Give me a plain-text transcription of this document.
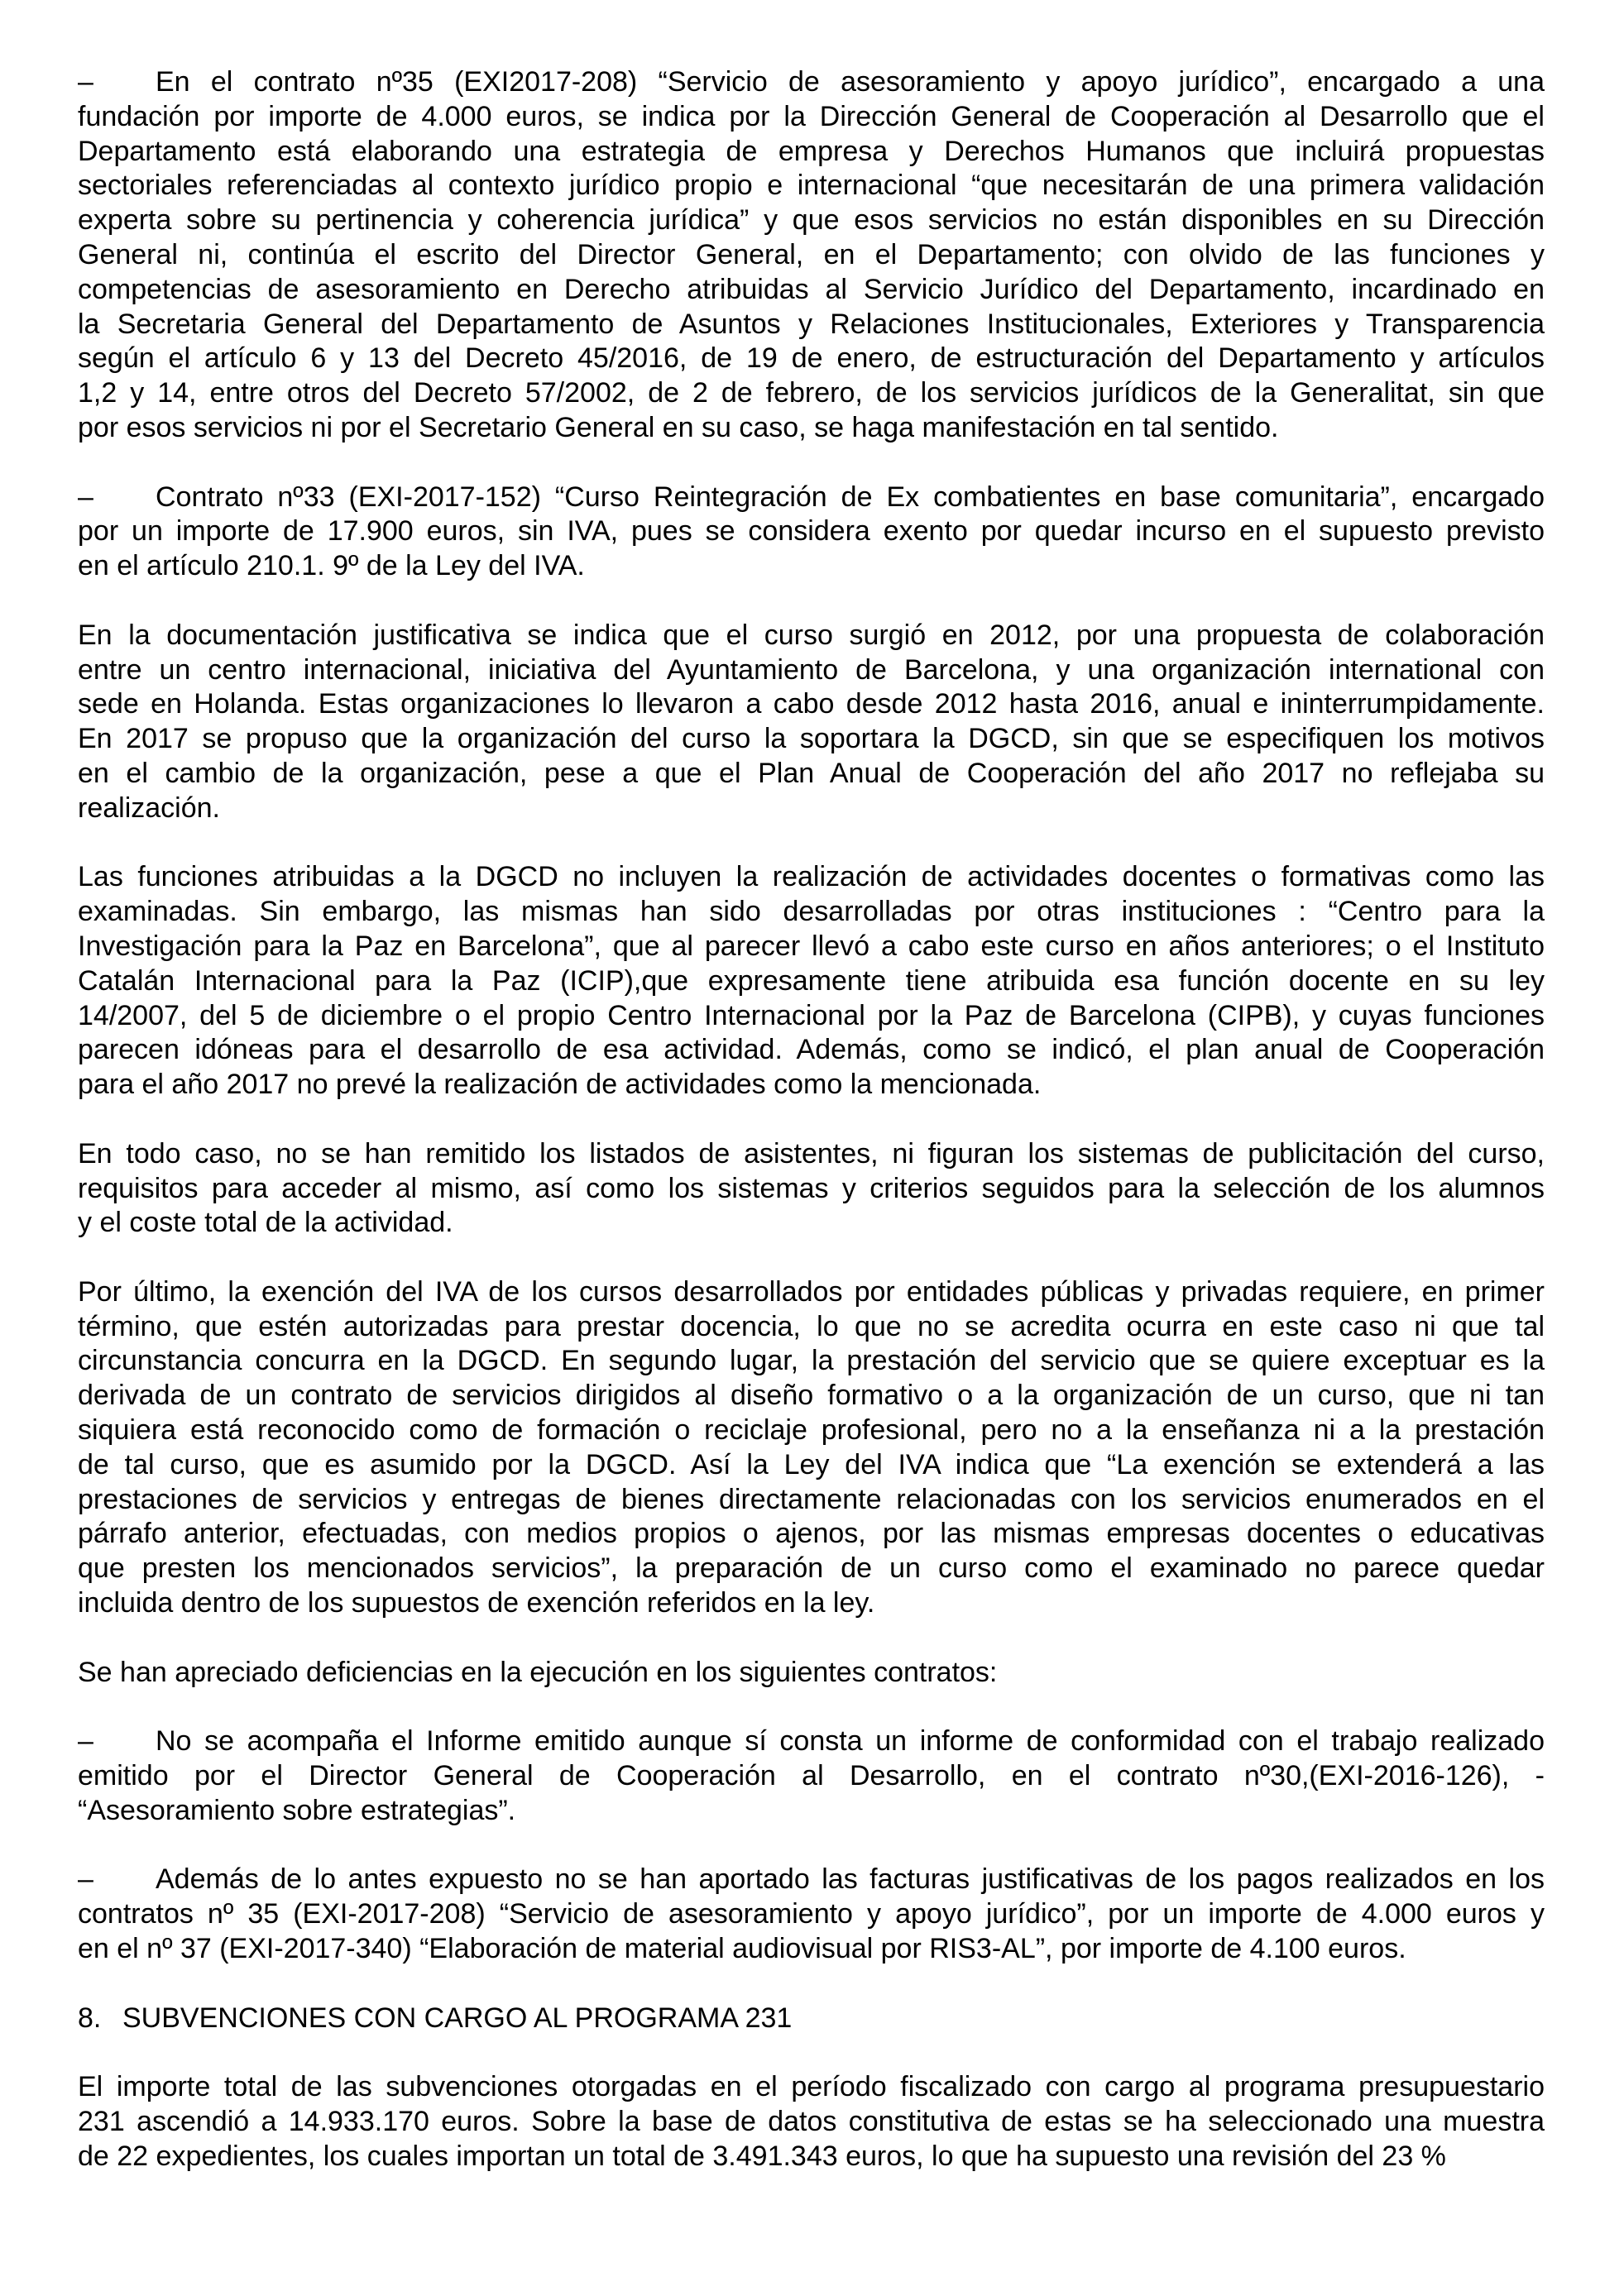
–	En el contrato nº35 (EXI2017-208) “Servicio de asesoramiento y apoyo jurídico”, encargado a una
fundación por importe de 4.000 euros, se indica por la Dirección General de Cooperación al Desarrollo que el
Departamento está elaborando una estrategia de empresa y Derechos Humanos que incluirá propuestas
sectoriales referenciadas al contexto jurídico propio e internacional “que necesitarán de una primera validación
experta sobre su pertinencia y coherencia jurídica” y que esos servicios no están disponibles en su Dirección
General ni, continúa el escrito del Director General, en el Departamento; con olvido de las funciones y
competencias de asesoramiento en Derecho atribuidas al Servicio Jurídico del Departamento, incardinado en
la Secretaria General del Departamento de Asuntos y Relaciones Institucionales, Exteriores y Transparencia
según el artículo 6 y 13 del Decreto 45/2016, de 19 de enero, de estructuración del Departamento y artículos
1,2 y 14, entre otros del Decreto 57/2002, de 2 de febrero, de los servicios jurídicos de la Generalitat, sin que
por esos servicios ni por el Secretario General en su caso, se haga manifestación en tal sentido.
–	Contrato nº33 (EXI-2017-152) “Curso Reintegración de Ex combatientes en base comunitaria”, encargado
por un importe de 17.900 euros, sin IVA, pues se considera exento por quedar incurso en el supuesto previsto
en el artículo 210.1. 9º de la Ley del IVA.
En la documentación justificativa se indica que el curso surgió en 2012, por una propuesta de colaboración
entre un centro internacional, iniciativa del Ayuntamiento de Barcelona, y una organización international con
sede en Holanda. Estas organizaciones lo llevaron a cabo desde 2012 hasta 2016, anual e ininterrumpidamente.
En 2017 se propuso que la organización del curso la soportara la DGCD, sin que se especifiquen los motivos
en el cambio de la organización, pese a que el Plan Anual de Cooperación del año 2017 no reflejaba su
realización.
Las funciones atribuidas a la DGCD no incluyen la realización de actividades docentes o formativas como las
examinadas. Sin embargo, las mismas han sido desarrolladas por otras instituciones : “Centro para la
Investigación para la Paz en Barcelona”, que al parecer llevó a cabo este curso en años anteriores; o el Instituto
Catalán Internacional para la Paz (ICIP),que expresamente tiene atribuida esa función docente en su ley
14/2007, del 5 de diciembre o el propio Centro Internacional por la Paz de Barcelona (CIPB), y cuyas funciones
parecen idóneas para el desarrollo de esa actividad. Además, como se indicó, el plan anual de Cooperación
para el año 2017 no prevé la realización de actividades como la mencionada.
En todo caso, no se han remitido los listados de asistentes, ni figuran los sistemas de publicitación del curso,
requisitos para acceder al mismo, así como los sistemas y criterios seguidos para la selección de los alumnos
y el coste total de la actividad.
Por último, la exención del IVA de los cursos desarrollados por entidades públicas y privadas requiere, en primer
término, que estén autorizadas para prestar docencia, lo que no se acredita ocurra en este caso ni que tal
circunstancia concurra en la DGCD. En segundo lugar, la prestación del servicio que se quiere exceptuar es la
derivada de un contrato de servicios dirigidos al diseño formativo o a la organización de un curso, que ni tan
siquiera está reconocido como de formación o reciclaje profesional, pero no a la enseñanza ni a la prestación
de tal curso, que es asumido por la DGCD. Así la Ley del IVA indica que “La exención se extenderá a las
prestaciones de servicios y entregas de bienes directamente relacionadas con los servicios enumerados en el
párrafo anterior, efectuadas, con medios propios o ajenos, por las mismas empresas docentes o educativas
que presten los mencionados servicios”, la preparación de un curso como el examinado no parece quedar
incluida dentro de los supuestos de exención referidos en la ley.
Se han apreciado deficiencias en la ejecución en los siguientes contratos:
–	No se acompaña el Informe emitido aunque sí consta un informe de conformidad con el trabajo realizado
emitido por el Director General de Cooperación al Desarrollo, en el contrato nº30,(EXI-2016-126), -
“Asesoramiento sobre estrategias”.
–	Además de lo antes expuesto no se han aportado las facturas justificativas de los pagos realizados en los
contratos nº 35 (EXI-2017-208) “Servicio de asesoramiento y apoyo jurídico”, por un importe de 4.000 euros y
en el nº 37 (EXI-2017-340) “Elaboración de material audiovisual por RIS3-AL”, por importe de 4.100 euros.
8. SUBVENCIONES CON CARGO AL PROGRAMA 231
El importe total de las subvenciones otorgadas en el período fiscalizado con cargo al programa presupuestario
231 ascendió a 14.933.170 euros. Sobre la base de datos constitutiva de estas se ha seleccionado una muestra
de 22 expedientes, los cuales importan un total de 3.491.343 euros, lo que ha supuesto una revisión del 23 %
